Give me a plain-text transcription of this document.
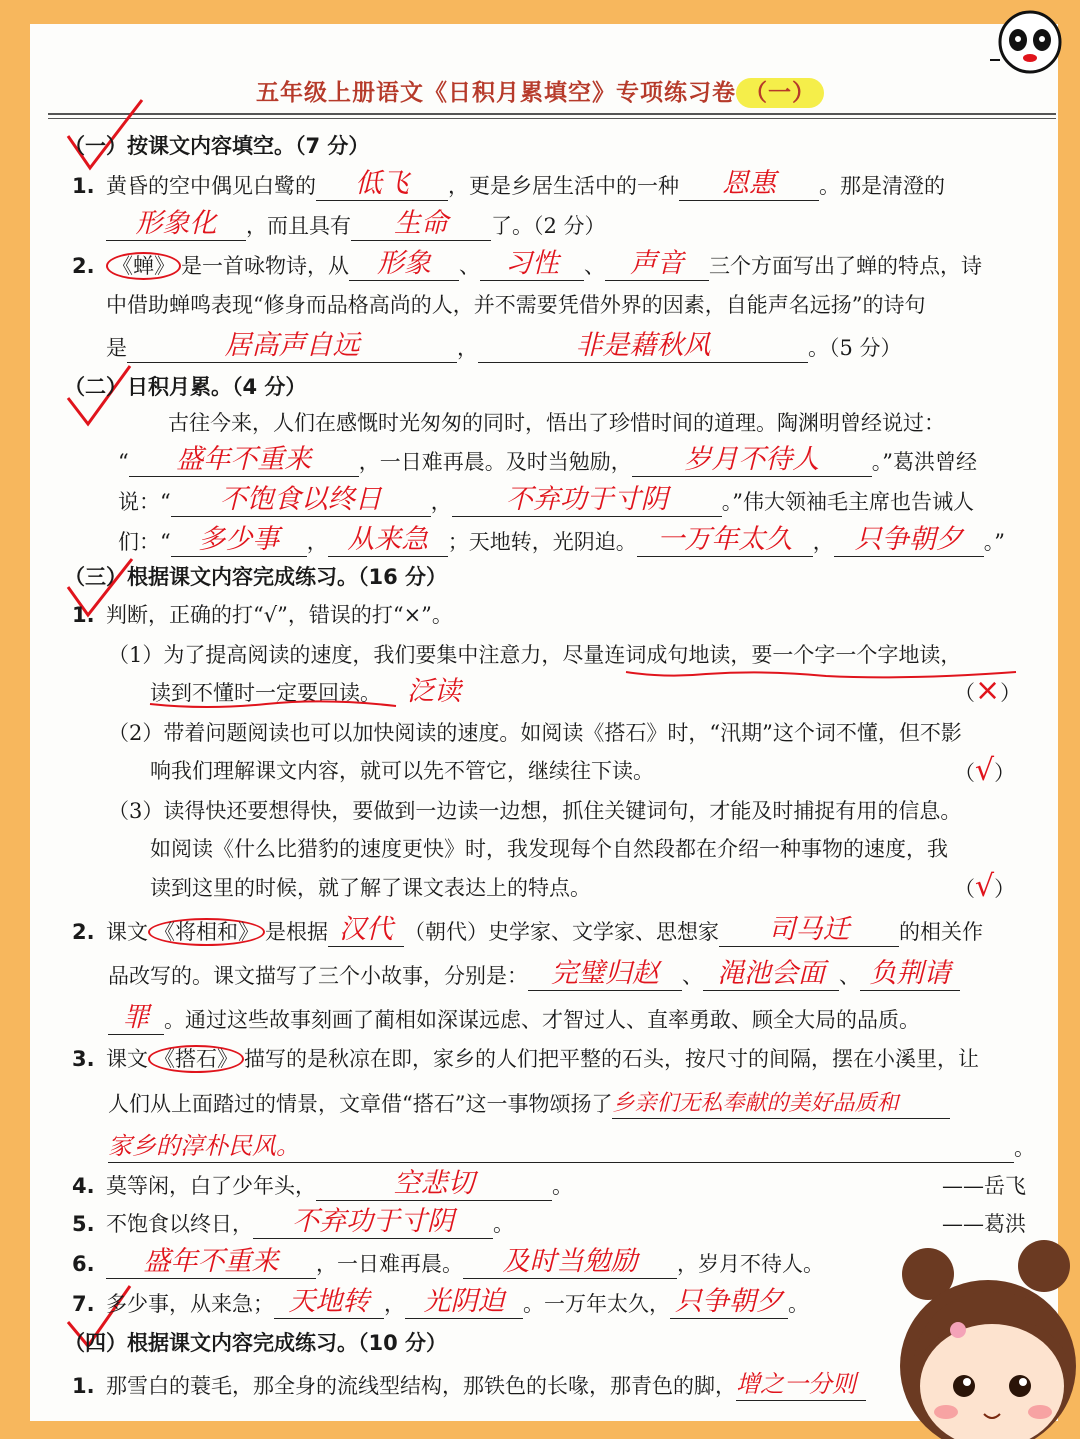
五年级上册语文《日积月累填空》专项练习卷 （一）
（一）按课文内容填空。（7 分）
1. 黄昏的空中偶见白鹭的 低飞 ，更是乡居生活中的一种 恩惠 。那是清澄的
形象化 ，而且具有 生命 了。（2 分）
2. 《蝉》 是一首咏物诗，从 形象 、 习性 、 声音 三个方面写出了蝉的特点，诗
中借助蝉鸣表现“修身而品格高尚的人，并不需要凭借外界的因素，自能声名远扬”的诗句
是	居高声自远	，	非是藉秋风	。（5 分）
（二）日积月累。（4 分）
古往今来，人们在感慨时光匆匆的同时，悟出了珍惜时间的道理。陶渊明曾经说过：
“ 盛年不重来 ，一日难再晨。及时当勉励， 岁月不待人	。”葛洪曾经
说：“ 不饱食以终日 ， 不弃功于寸阴	。”伟大领袖毛主席也告诫人
们：“ 多少事 ， 从来急 ；天地转，光阴迫。 一万年太久 ， 只争朝夕 。”
（三）根据课文内容完成练习。（16 分）
1. 判断，正确的打“√”，错误的打“×”。
（1）为了提高阅读的速度，我们要集中注意力，尽量连词成句地读，要一个字一个字地读，
读到不懂时一定要回读。 泛读	（×）
（2）带着问题阅读也可以加快阅读的速度。如阅读《搭石》时，“汛期”这个词不懂，但不影
响我们理解课文内容，就可以先不管它，继续往下读。	（√）
（3）读得快还要想得快，要做到一边读一边想，抓住关键词句，才能及时捕捉有用的信息。
如阅读《什么比猎豹的速度更快》时，我发现每个自然段都在介绍一种事物的速度，我
读到这里的时候，就了解了课文表达上的特点。	（√）
2. 课文 《将相和》 是根据 汉代 （朝代）史学家、文学家、思想家 司马迁 的相关作
品改写的。课文描写了三个小故事，分别是： 完璧归赵 、 渑池会面 、 负荆请
罪 。通过这些故事刻画了蔺相如深谋远虑、才智过人、直率勇敢、顾全大局的品质。
3. 课文 《搭石》 描写的是秋凉在即，家乡的人们把平整的石头，按尺寸的间隔，摆在小溪里，让
人们从上面踏过的情景，文章借“搭石”这一事物颂扬了乡亲们无私奉献的美好品质和
家乡的淳朴民风。	。
4. 莫等闲，白了少年头，	空悲切	。	——岳飞
5. 不饱食以终日， 不弃功于寸阴 。	——葛洪
6. 盛年不重来 ，一日难再晨。 及时当勉励 ，岁月不待人。
7. 多少事，从来急； 天地转 ， 光阴迫 。一万年太久， 只争朝夕 。
（四）根据课文内容完成练习。（10 分）
1. 那雪白的蓑毛，那全身的流线型结构，那铁色的长喙，那青色的脚，增之一分则
